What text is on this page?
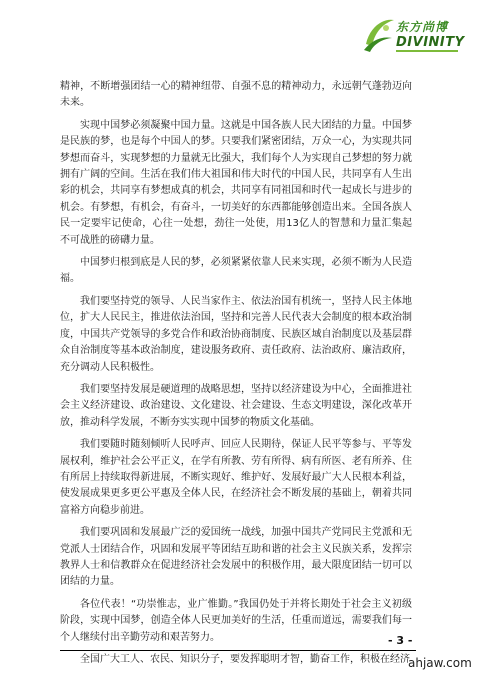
东方尚博
DIVINITY

精神，不断增强团结一心的精神纽带、自强不息的精神动力，永远朝气蓬勃迈向未来。

实现中国梦必须凝聚中国力量。这就是中国各族人民大团结的力量。中国梦是民族的梦，也是每个中国人的梦。只要我们紧密团结，万众一心，为实现共同梦想而奋斗，实现梦想的力量就无比强大，我们每个人为实现自己梦想的努力就拥有广阔的空间。生活在我们伟大祖国和伟大时代的中国人民，共同享有人生出彩的机会，共同享有梦想成真的机会，共同享有同祖国和时代一起成长与进步的机会。有梦想，有机会，有奋斗，一切美好的东西都能够创造出来。全国各族人民一定要牢记使命，心往一处想，劲往一处使，用13亿人的智慧和力量汇集起不可战胜的磅礴力量。

中国梦归根到底是人民的梦，必须紧紧依靠人民来实现，必须不断为人民造福。

我们要坚持党的领导、人民当家作主、依法治国有机统一，坚持人民主体地位，扩大人民民主，推进依法治国，坚持和完善人民代表大会制度的根本政治制度，中国共产党领导的多党合作和政治协商制度、民族区域自治制度以及基层群众自治制度等基本政治制度，建设服务政府、责任政府、法治政府、廉洁政府，充分调动人民积极性。

我们要坚持发展是硬道理的战略思想，坚持以经济建设为中心，全面推进社会主义经济建设、政治建设、文化建设、社会建设、生态文明建设，深化改革开放，推动科学发展，不断夯实实现中国梦的物质文化基础。

我们要随时随刻倾听人民呼声、回应人民期待，保证人民平等参与、平等发展权利，维护社会公平正义，在学有所教、劳有所得、病有所医、老有所养、住有所居上持续取得新进展，不断实现好、维护好、发展好最广大人民根本利益，使发展成果更多更公平惠及全体人民，在经济社会不断发展的基础上，朝着共同富裕方向稳步前进。

我们要巩固和发展最广泛的爱国统一战线，加强中国共产党同民主党派和无党派人士团结合作，巩固和发展平等团结互助和谐的社会主义民族关系，发挥宗教界人士和信教群众在促进经济社会发展中的积极作用，最大限度团结一切可以团结的力量。

各位代表！“功崇惟志，业广惟勤。”我国仍处于并将长期处于社会主义初级阶段，实现中国梦，创造全体人民更加美好的生活，任重而道远，需要我们每一个人继续付出辛勤劳动和艰苦努力。

全国广大工人、农民、知识分子，要发挥聪明才智，勤奋工作，积极在经济

- 3 -
ahjaw.com
